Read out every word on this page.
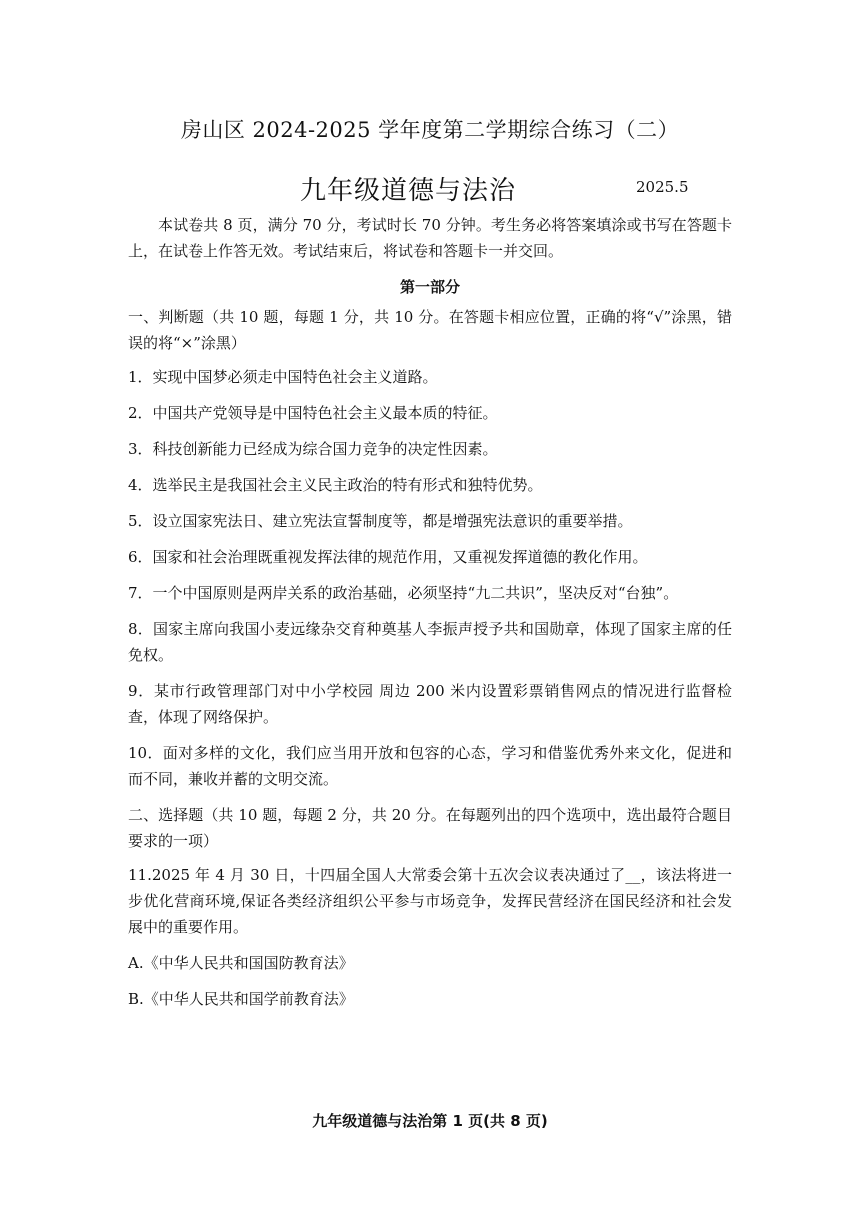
房山区 2024-2025 学年度第二学期综合练习（二）
九年级道德与法治	2025.5

本试卷共 8 页，满分 70 分，考试时长 70 分钟。考生务必将答案填涂或书写在答题卡上，在试卷上作答无效。考试结束后，将试卷和答题卡一并交回。

第一部分

一、判断题（共 10 题，每题 1 分，共 10 分。在答题卡相应位置，正确的将“√”涂黑，错误的将“×”涂黑）

1．实现中国梦必须走中国特色社会主义道路。

2．中国共产党领导是中国特色社会主义最本质的特征。

3．科技创新能力已经成为综合国力竞争的决定性因素。

4．选举民主是我国社会主义民主政治的特有形式和独特优势。

5．设立国家宪法日、建立宪法宣誓制度等，都是增强宪法意识的重要举措。

6．国家和社会治理既重视发挥法律的规范作用，又重视发挥道德的教化作用。

7．一个中国原则是两岸关系的政治基础，必须坚持“九二共识”，坚决反对“台独”。

8．国家主席向我国小麦远缘杂交育种奠基人李振声授予共和国勋章，体现了国家主席的任免权。

9．某市行政管理部门对中小学校园 周边 200 米内设置彩票销售网点的情况进行监督检查，体现了网络保护。

10．面对多样的文化，我们应当用开放和包容的心态，学习和借鉴优秀外来文化，促进和而不同，兼收并蓄的文明交流。

二、选择题（共 10 题，每题 2 分，共 20 分。在每题列出的四个选项中，选出最符合题目要求的一项）

11.2025 年 4 月 30 日，十四届全国人大常委会第十五次会议表决通过了__，该法将进一步优化营商环境,保证各类经济组织公平参与市场竞争，发挥民营经济在国民经济和社会发展中的重要作用。

A.《中华人民共和国国防教育法》

B.《中华人民共和国学前教育法》

九年级道德与法治第 1 页(共 8 页)
